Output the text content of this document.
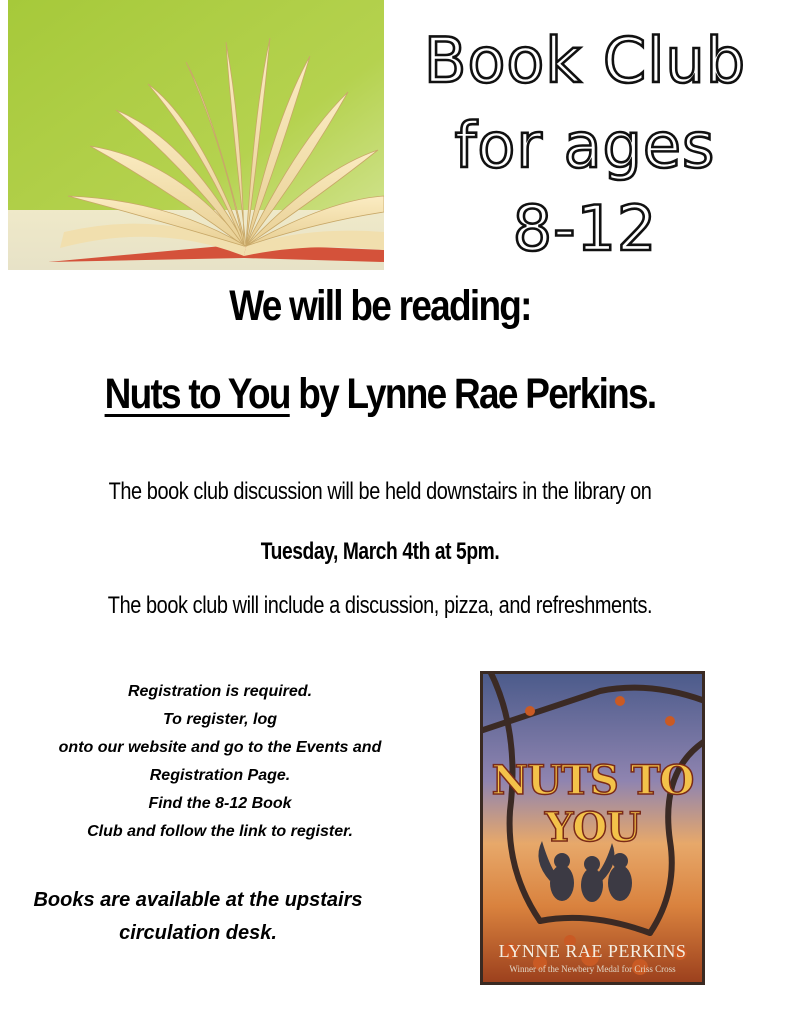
Book Club
for ages
8-12
We will be reading:
Nuts to You by Lynne Rae Perkins.
The book club discussion will be held downstairs in the library on
Tuesday, March 4th at 5pm.
The book club will include a discussion, pizza, and refreshments.
Registration is required.
To register, log
onto our website and go to the Events and
Registration Page.
Find the 8-12 Book
Club and follow the link to register.
Books are available at the upstairs
circulation desk.
NUTS TO YOU
LYNNE RAE PERKINS
Winner of the Newbery Medal for Criss Cross
